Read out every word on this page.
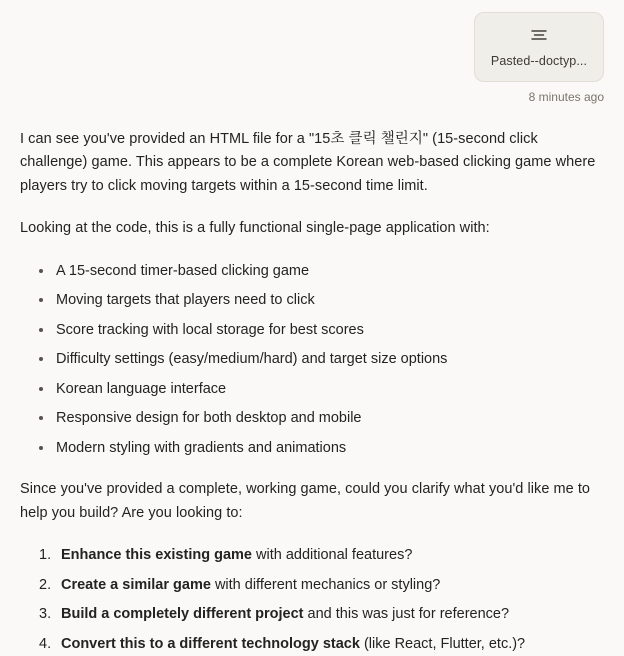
Pasted--doctyp...
8 minutes ago

I can see you've provided an HTML file for a "15초 클릭 챌린지" (15-second click challenge) game. This appears to be a complete Korean web-based clicking game where players try to click moving targets within a 15-second time limit.

Looking at the code, this is a fully functional single-page application with:

A 15-second timer-based clicking game
Moving targets that players need to click
Score tracking with local storage for best scores
Difficulty settings (easy/medium/hard) and target size options
Korean language interface
Responsive design for both desktop and mobile
Modern styling with gradients and animations

Since you've provided a complete, working game, could you clarify what you'd like me to help you build? Are you looking to:

Enhance this existing game with additional features?
Create a similar game with different mechanics or styling?
Build a completely different project and this was just for reference?
Convert this to a different technology stack (like React, Flutter, etc.)?
